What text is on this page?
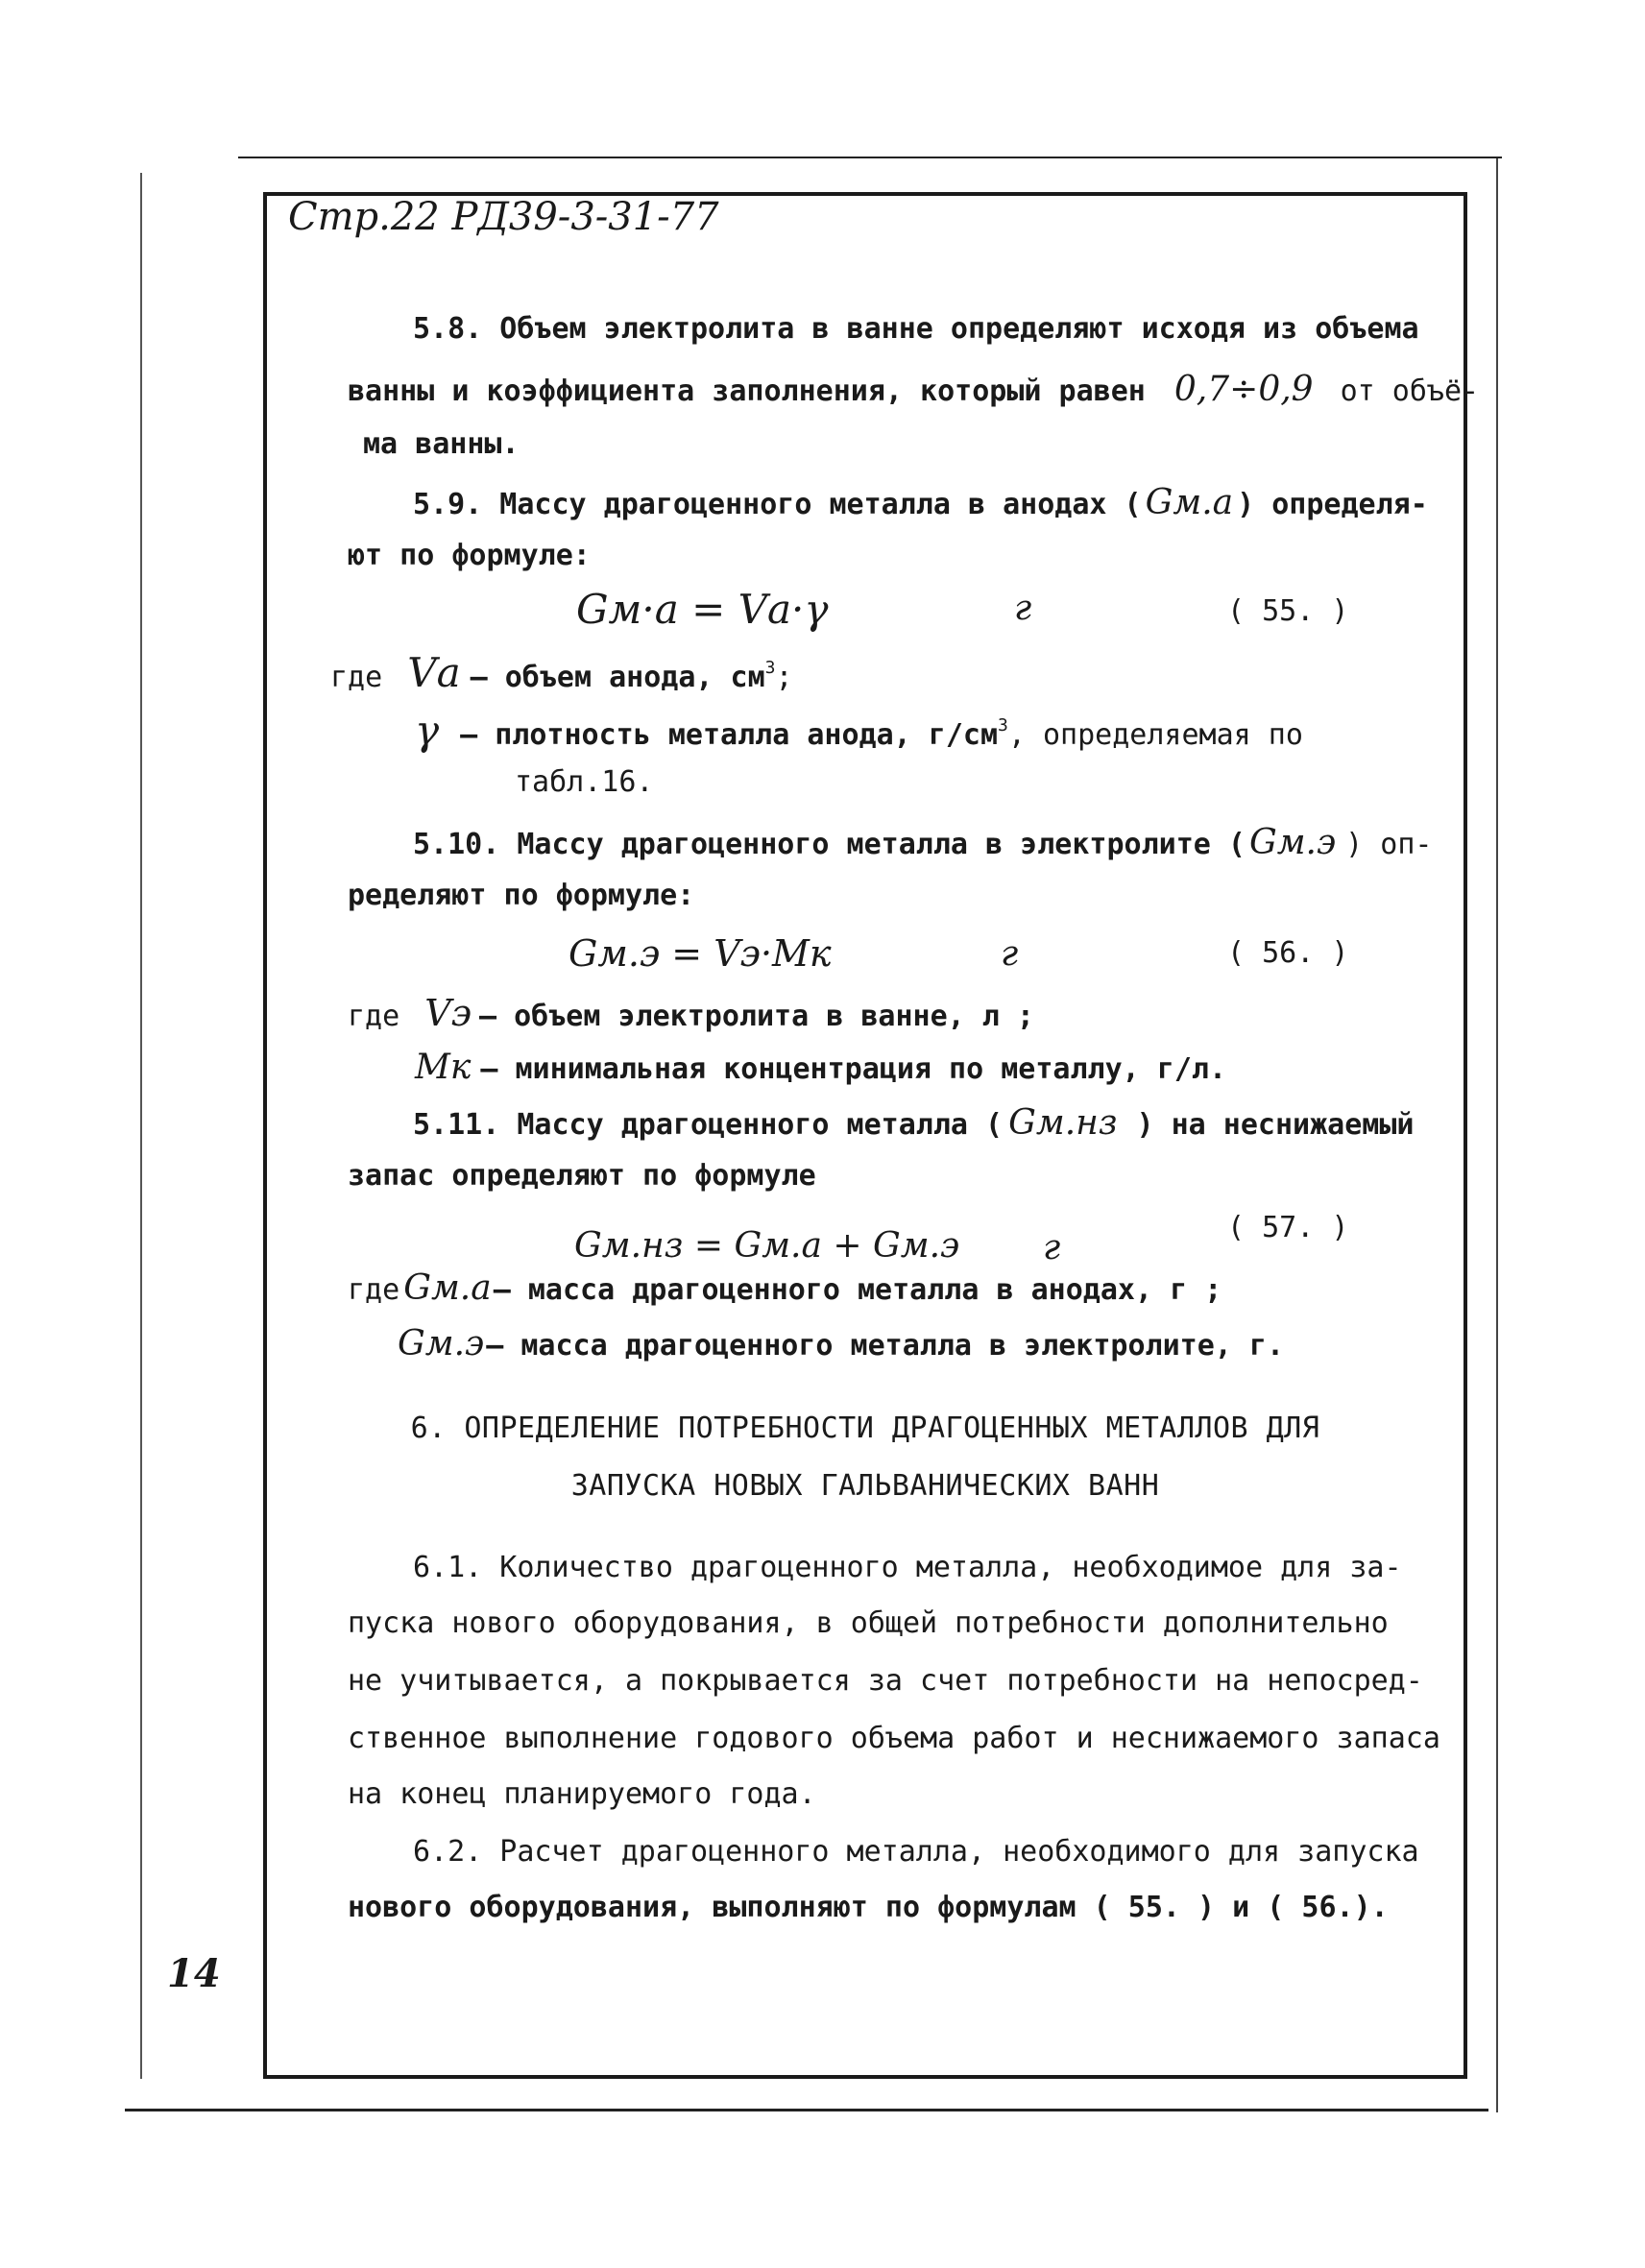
Стр.22 РД39-3-31-77
5.8. Объем электролита в ванне определяют исходя из объема
ванны и коэффициента заполнения, который равен 0,7÷0,9 от объё-
ма ванны.
5.9. Массу драгоценного металла в анодах ( Gм.а ) определя-
ют по формуле:
Gм·а = Vа·γ	г	( 55. )
где Vа – объем анода, $см^3$;
γ – плотность металла анода, $г/см^3$, определяемая по
табл.16.
5.10. Массу драгоценного металла в электролите ( Gм.э ) оп-
ределяют по формуле:
Gм.э = Vэ·Мк	г	( 56. )
где Vэ – объем электролита в ванне, л ;
Мк – минимальная концентрация по металлу, г/л.
5.11. Массу драгоценного металла ( Gм.нз ) на неснижаемый
запас определяют по формуле
Gм.нз = Gм.а + Gм.э г
( 57. )
где Gм.а– масса драгоценного металла в анодах, г ;
Gм.э– масса драгоценного металла в электролите, г.
6. ОПРЕДЕЛЕНИЕ ПОТРЕБНОСТИ ДРАГОЦЕННЫХ МЕТАЛЛОВ ДЛЯ
ЗАПУСКА НОВЫХ ГАЛЬВАНИЧЕСКИХ ВАНН
6.1. Количество драгоценного металла, необходимое для за-
пуска нового оборудования, в общей потребности дополнительно
не учитывается, а покрывается за счет потребности на непосред-
ственное выполнение годового объема работ и неснижаемого запаса
на конец планируемого года.
6.2. Расчет драгоценного металла, необходимого для запуска
нового оборудования, выполняют по формулам ( 55. ) и ( 56.).
14
